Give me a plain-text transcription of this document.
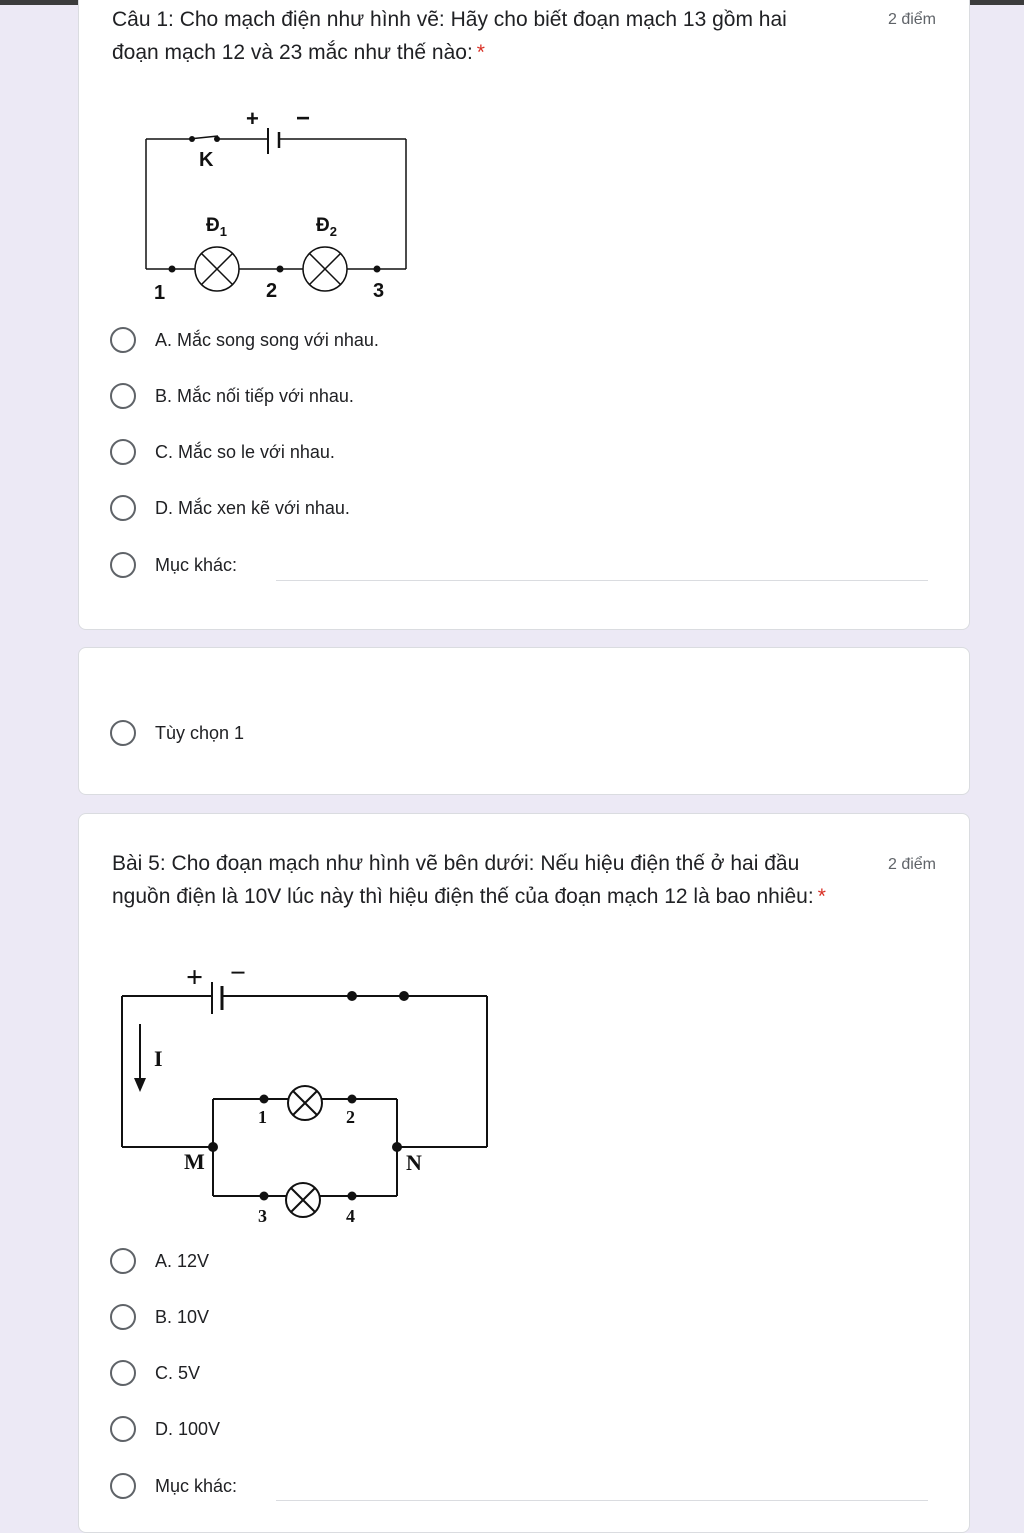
Câu 1: Cho mạch điện như hình vẽ: Hãy cho biết đoạn mạch 13 gồm hai
đoạn mạch 12 và 23 mắc như thế nào: *
2 điểm
+ −
K
$Đ_1$	$Đ_2$
1	2	3
A. Mắc song song với nhau.
B. Mắc nối tiếp với nhau.
C. Mắc so le với nhau.
D. Mắc xen kẽ với nhau.
Mục khác:
Tùy chọn 1
Bài 5: Cho đoạn mạch như hình vẽ bên dưới: Nếu hiệu điện thế ở hai đầu
nguồn điện là 10V lúc này thì hiệu điện thế của đoạn mạch 12 là bao nhiêu: *
2 điểm
+ −
I
M	N
1	2
3	4
A. 12V
B. 10V
C. 5V
D. 100V
Mục khác:
